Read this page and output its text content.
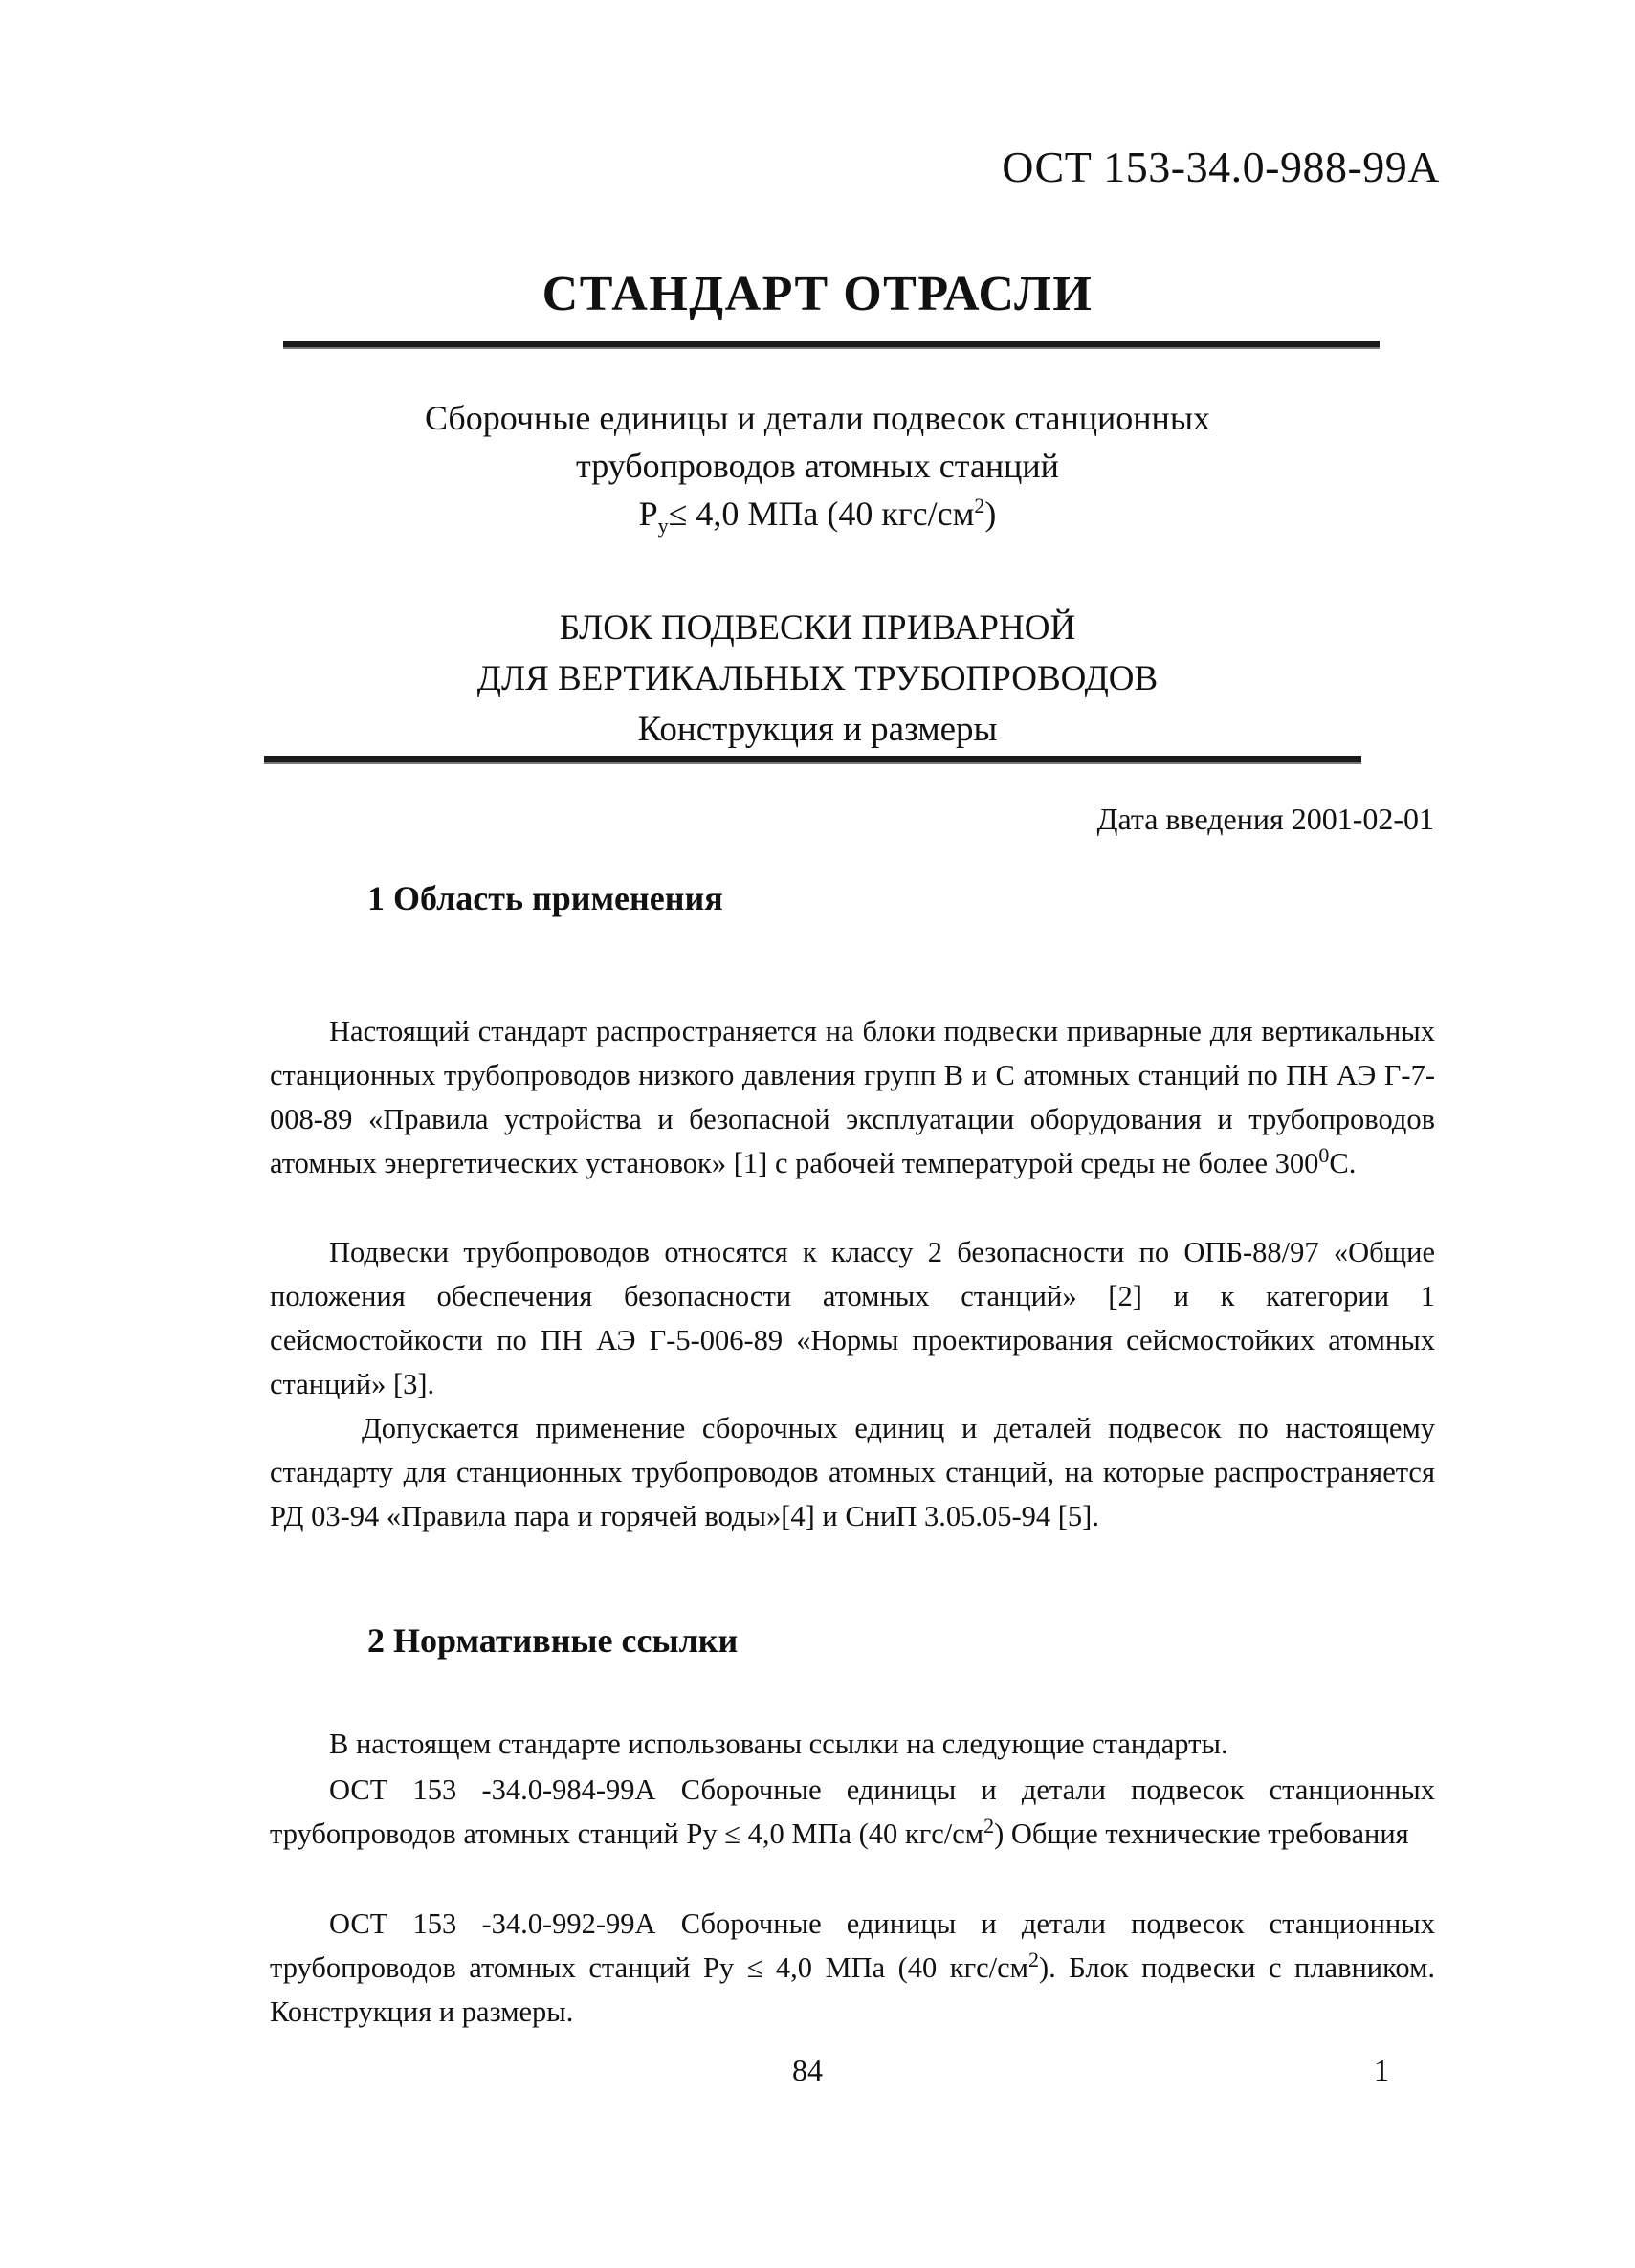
ОСТ 153-34.0-988-99А
СТАНДАРТ ОТРАСЛИ
Сборочные единицы и детали подвесок станционных
трубопроводов атомных станций
$Р_у\le 4,0$ МПа (40 кгс/$см^2$)
БЛОК ПОДВЕСКИ ПРИВАРНОЙ
ДЛЯ ВЕРТИКАЛЬНЫХ ТРУБОПРОВОДОВ
Конструкция и размеры
Дата введения 2001-02-01
1 Область применения
Настоящий стандарт распространяется на блоки подвески приварные для вертикальных станционных трубопроводов низкого давления групп В и С атомных станций по ПН АЭ Г-7-008-89 «Правила устройства и безопасной эксплуатации оборудования и трубопроводов атомных энергетических установок» [1] с рабочей температурой среды не более $300^0С$.
Подвески трубопроводов относятся к классу 2 безопасности по ОПБ-88/97 «Общие положения обеспечения безопасности атомных станций» [2] и к категории 1 сейсмостойкости по ПН АЭ Г-5-006-89 «Нормы проектирования сейсмостойких атомных станций» [3].
Допускается применение сборочных единиц и деталей подвесок по настоящему стандарту для станционных трубопроводов атомных станций, на которые распространяется РД 03-94 «Правила пара и горячей воды»[4] и СниП 3.05.05-94 [5].
2 Нормативные ссылки
В настоящем стандарте использованы ссылки на следующие стандарты.
ОСТ 153 -34.0-984-99А Сборочные единицы и детали подвесок станционных трубопроводов атомных станций Ру ≤ 4,0 МПа (40 кгс/$см^2$) Общие технические требования
ОСТ 153 -34.0-992-99А Сборочные единицы и детали подвесок станционных трубопроводов атомных станций Ру ≤ 4,0 МПа (40 кгс/$см^2$). Блок подвески с плавником. Конструкция и размеры.
84	1
